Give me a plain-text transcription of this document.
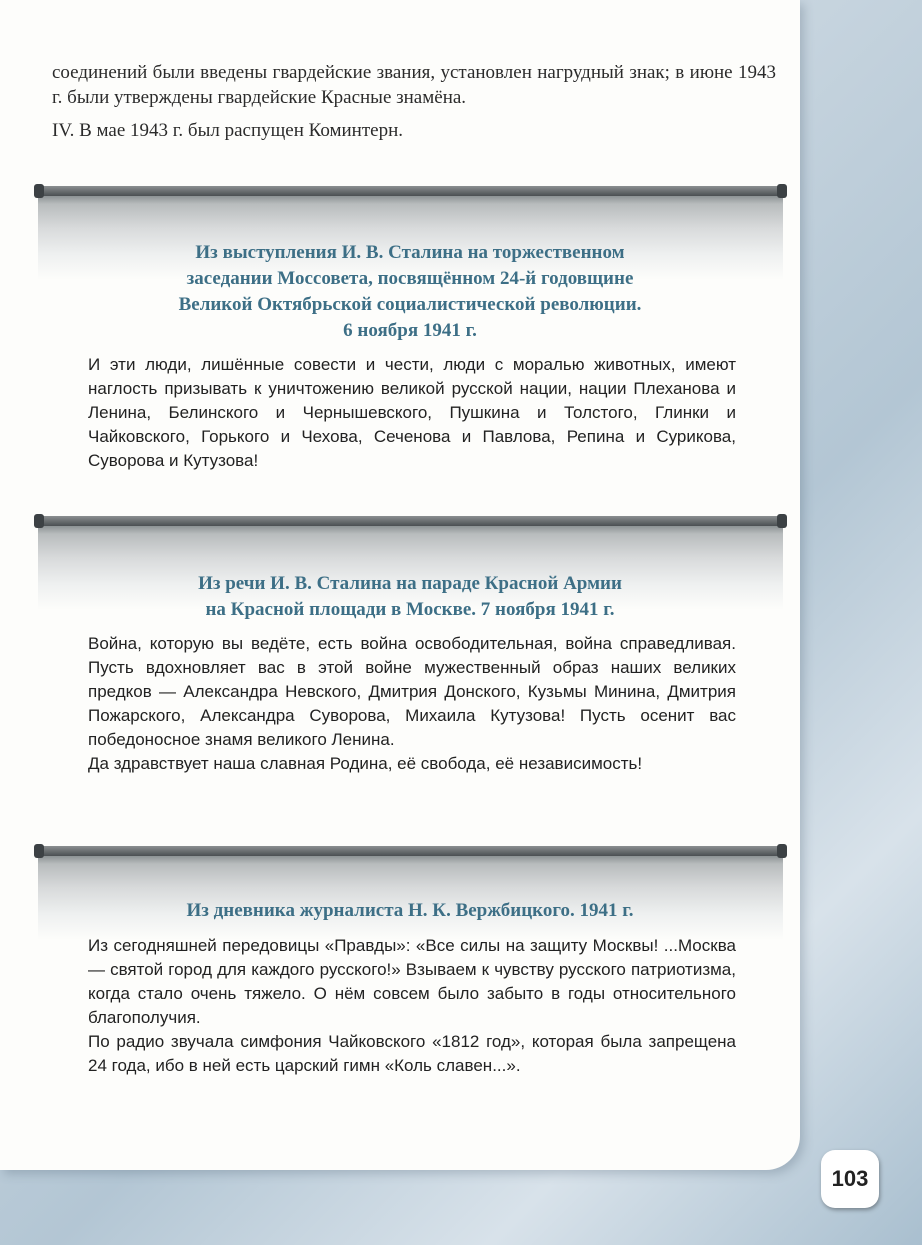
соединений были введены гвардейские звания, установлен нагрудный знак; в июне 1943 г. были утверждены гвардейские Красные знамёна.

IV. В мае 1943 г. был распущен Коминтерн.

Из выступления И. В. Сталина на торжественном
заседании Моссовета, посвящённом 24-й годовщине
Великой Октябрьской социалистической революции.
6 ноября 1941 г.

И эти люди, лишённые совести и чести, люди с моралью животных, имеют наглость призывать к уничтожению великой русской нации, нации Плеханова и Ленина, Белинского и Чернышевского, Пушкина и Толстого, Глинки и Чайковского, Горького и Чехова, Сеченова и Павлова, Репина и Сурикова, Суворова и Кутузова!

Из речи И. В. Сталина на параде Красной Армии
на Красной площади в Москве. 7 ноября 1941 г.

Война, которую вы ведёте, есть война освободительная, война справедливая. Пусть вдохновляет вас в этой войне мужественный образ наших великих предков — Александра Невского, Дмитрия Донского, Кузьмы Минина, Дмитрия Пожарского, Александра Суворова, Михаила Кутузова! Пусть осенит вас победоносное знамя великого Ленина.

Да здравствует наша славная Родина, её свобода, её независимость!

Из дневника журналиста Н. К. Вержбицкого. 1941 г.

Из сегодняшней передовицы «Правды»: «Все силы на защиту Москвы! ...Москва — святой город для каждого русского!» Взываем к чувству русского патриотизма, когда стало очень тяжело. О нём совсем было забыто в годы относительного благополучия.

По радио звучала симфония Чайковского «1812 год», которая была запрещена 24 года, ибо в ней есть царский гимн «Коль славен...».

103
